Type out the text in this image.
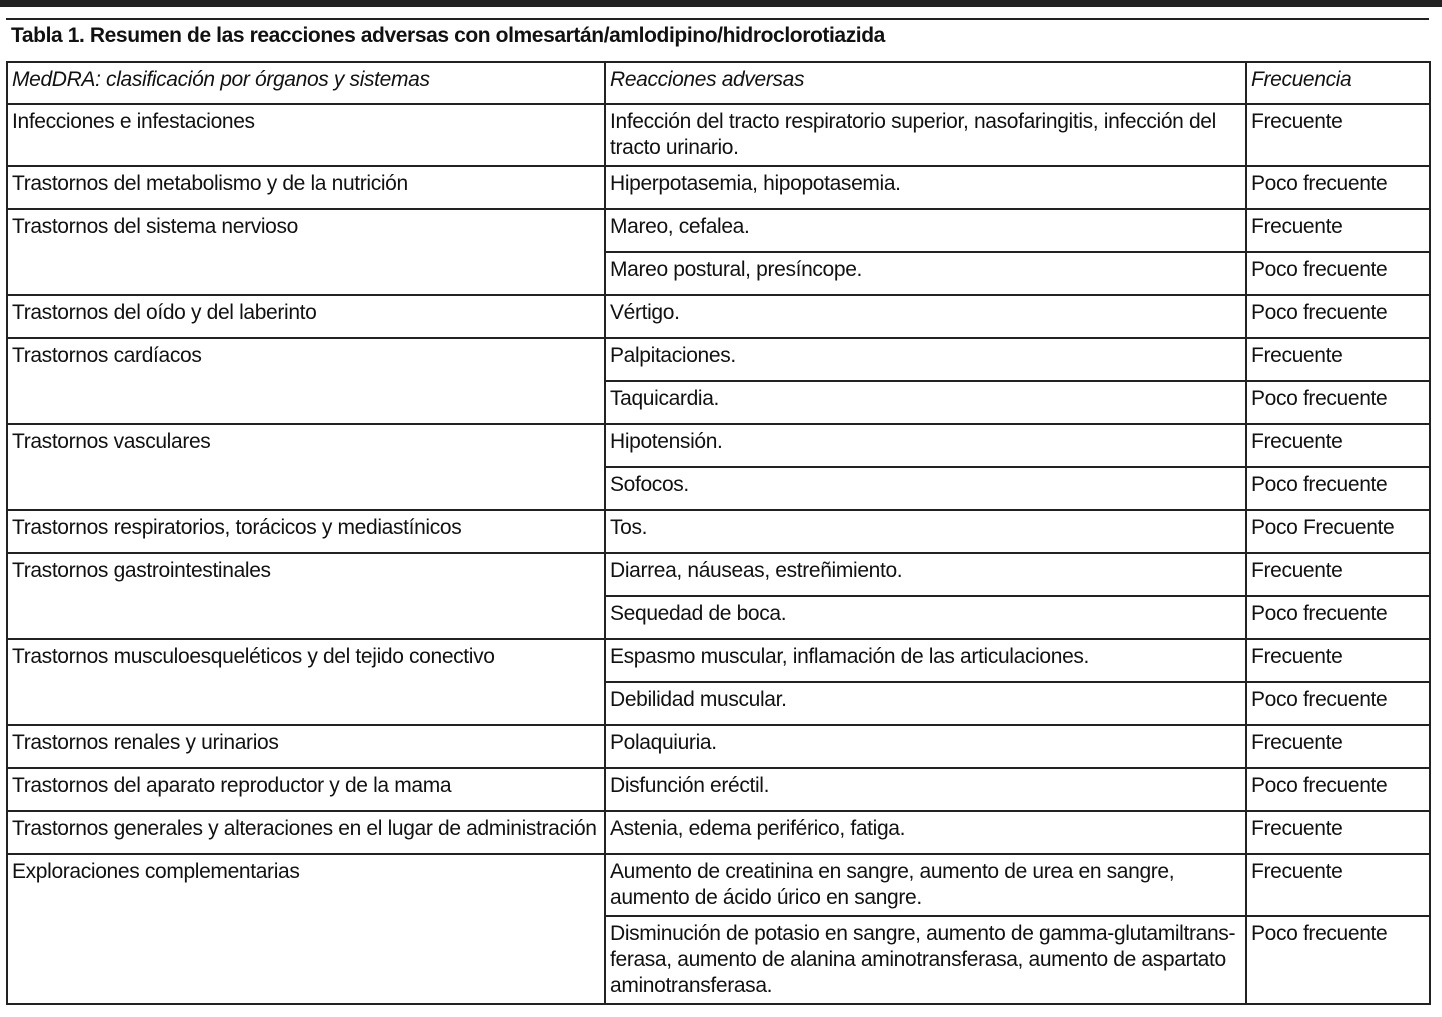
Tabla 1. Resumen de las reacciones adversas con olmesartán/amlodipino/hidroclorotiazida
MedDRA: clasificación por órganos y sistemas	Reacciones adversas	Frecuencia
Infecciones e infestaciones	Infección del tracto respiratorio superior, nasofaringitis, infección del tracto urinario.	Frecuente
Trastornos del metabolismo y de la nutrición	Hiperpotasemia, hipopotasemia.	Poco frecuente
Trastornos del sistema nervioso	Mareo, cefalea.	Frecuente
	Mareo postural, presíncope.	Poco frecuente
Trastornos del oído y del laberinto	Vértigo.	Poco frecuente
Trastornos cardíacos	Palpitaciones.	Frecuente
	Taquicardia.	Poco frecuente
Trastornos vasculares	Hipotensión.	Frecuente
	Sofocos.	Poco frecuente
Trastornos respiratorios, torácicos y mediastínicos	Tos.	Poco Frecuente
Trastornos gastrointestinales	Diarrea, náuseas, estreñimiento.	Frecuente
	Sequedad de boca.	Poco frecuente
Trastornos musculoesqueléticos y del tejido conectivo	Espasmo muscular, inflamación de las articulaciones.	Frecuente
	Debilidad muscular.	Poco frecuente
Trastornos renales y urinarios	Polaquiuria.	Frecuente
Trastornos del aparato reproductor y de la mama	Disfunción eréctil.	Poco frecuente
Trastornos generales y alteraciones en el lugar de administración	Astenia, edema periférico, fatiga.	Frecuente
Exploraciones complementarias	Aumento de creatinina en sangre, aumento de urea en sangre, aumento de ácido úrico en sangre.	Frecuente
	Disminución de potasio en sangre, aumento de gamma-glutamiltrans-ferasa, aumento de alanina aminotransferasa, aumento de aspartato aminotransferasa.	Poco frecuente
